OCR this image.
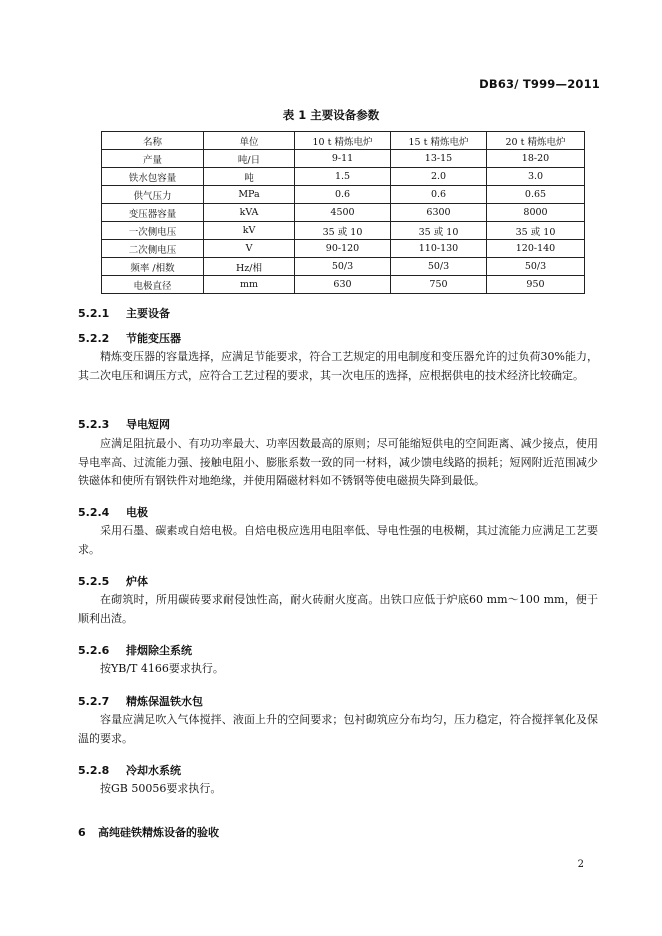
DB63/ T999—2011
表 1 主要设备参数
名称	单位	10 t 精炼电炉	15 t 精炼电炉	20 t 精炼电炉
产量	吨/日	9-11	13-15	18-20
铁水包容量	吨	1.5	2.0	3.0
供气压力	MPa	0.6	0.6	0.65
变压器容量	kVA	4500	6300	8000
一次侧电压	kV	35 或 10	35 或 10	35 或 10
二次侧电压	V	90-120	110-130	120-140
频率 /相数	Hz/相	50/3	50/3	50/3
电极直径	mm	630	750	950
5.2.1 主要设备
5.2.2 节能变压器

精炼变压器的容量选择，应满足节能要求，符合工艺规定的用电制度和变压器允许的过负荷30%能力，其二次电压和调压方式，应符合工艺过程的要求，其一次电压的选择，应根据供电的技术经济比较确定。

5.2.3 导电短网

应满足阻抗最小、有功功率最大、功率因数最高的原则；尽可能缩短供电的空间距离、减少接点，使用导电率高、过流能力强、接触电阻小、膨胀系数一致的同一材料，减少馈电线路的损耗；短网附近范围减少铁磁体和使所有钢铁件对地绝缘，并使用隔磁材料如不锈钢等使电磁损失降到最低。

5.2.4 电极

采用石墨、碳素或自焙电极。自焙电极应选用电阻率低、导电性强的电极糊，其过流能力应满足工艺要求。

5.2.5 炉体

在砌筑时，所用碳砖要求耐侵蚀性高，耐火砖耐火度高。出铁口应低于炉底60 mm～100 mm，便于顺利出渣。

5.2.6 排烟除尘系统

按YB/T 4166要求执行。

5.2.7 精炼保温铁水包

容量应满足吹入气体搅拌、液面上升的空间要求；包衬砌筑应分布均匀，压力稳定，符合搅拌氧化及保温的要求。

5.2.8 冷却水系统

按GB 50056要求执行。

6 高纯硅铁精炼设备的验收
2
